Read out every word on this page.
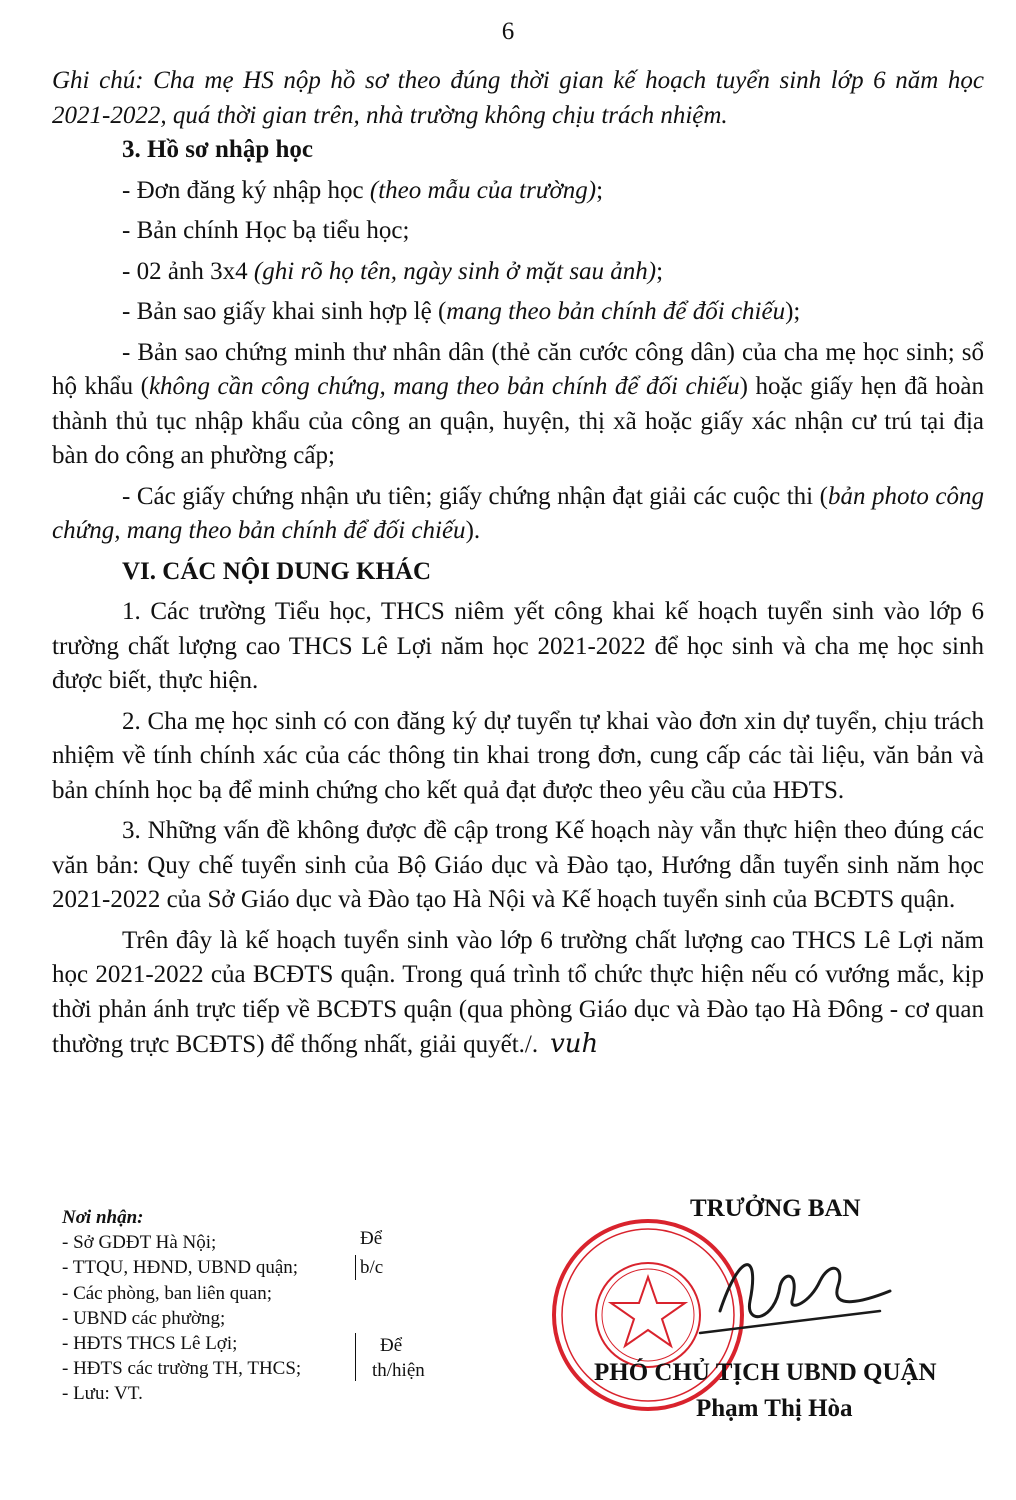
6

Ghi chú: Cha mẹ HS nộp hồ sơ theo đúng thời gian kế hoạch tuyển sinh lớp 6 năm học 2021-2022, quá thời gian trên, nhà trường không chịu trách nhiệm.

3. Hồ sơ nhập học

- Đơn đăng ký nhập học (theo mẫu của trường);

- Bản chính Học bạ tiểu học;

- 02 ảnh 3x4 (ghi rõ họ tên, ngày sinh ở mặt sau ảnh);

- Bản sao giấy khai sinh hợp lệ (mang theo bản chính để đối chiếu);

- Bản sao chứng minh thư nhân dân (thẻ căn cước công dân) của cha mẹ học sinh; sổ hộ khẩu (không cần công chứng, mang theo bản chính để đối chiếu) hoặc giấy hẹn đã hoàn thành thủ tục nhập khẩu của công an quận, huyện, thị xã hoặc giấy xác nhận cư trú tại địa bàn do công an phường cấp;

- Các giấy chứng nhận ưu tiên; giấy chứng nhận đạt giải các cuộc thi (bản photo công chứng, mang theo bản chính để đối chiếu).

VI. CÁC NỘI DUNG KHÁC

1. Các trường Tiểu học, THCS niêm yết công khai kế hoạch tuyển sinh vào lớp 6 trường chất lượng cao THCS Lê Lợi năm học 2021-2022 để học sinh và cha mẹ học sinh được biết, thực hiện.

2. Cha mẹ học sinh có con đăng ký dự tuyển tự khai vào đơn xin dự tuyển, chịu trách nhiệm về tính chính xác của các thông tin khai trong đơn, cung cấp các tài liệu, văn bản và bản chính học bạ để minh chứng cho kết quả đạt được theo yêu cầu của HĐTS.

3. Những vấn đề không được đề cập trong Kế hoạch này vẫn thực hiện theo đúng các văn bản: Quy chế tuyển sinh của Bộ Giáo dục và Đào tạo, Hướng dẫn tuyển sinh năm học 2021-2022 của Sở Giáo dục và Đào tạo Hà Nội và Kế hoạch tuyển sinh của BCĐTS quận.

Trên đây là kế hoạch tuyển sinh vào lớp 6 trường chất lượng cao THCS Lê Lợi năm học 2021-2022 của BCĐTS quận. Trong quá trình tổ chức thực hiện nếu có vướng mắc, kịp thời phản ánh trực tiếp về BCĐTS quận (qua phòng Giáo dục và Đào tạo Hà Đông - cơ quan thường trực BCĐTS) để thống nhất, giải quyết./. vuh

Nơi nhận:
- Sở GDĐT Hà Nội;	Để
- TTQU, HĐND, UBND quận;	b/c
- Các phòng, ban liên quan;
- UBND các phường;
- HĐTS THCS Lê Lợi;	Để
- HĐTS các trường TH, THCS;	th/hiện
- Lưu: VT.
TRƯỞNG BAN
PHÓ CHỦ TỊCH UBND QUẬN
Phạm Thị Hòa
